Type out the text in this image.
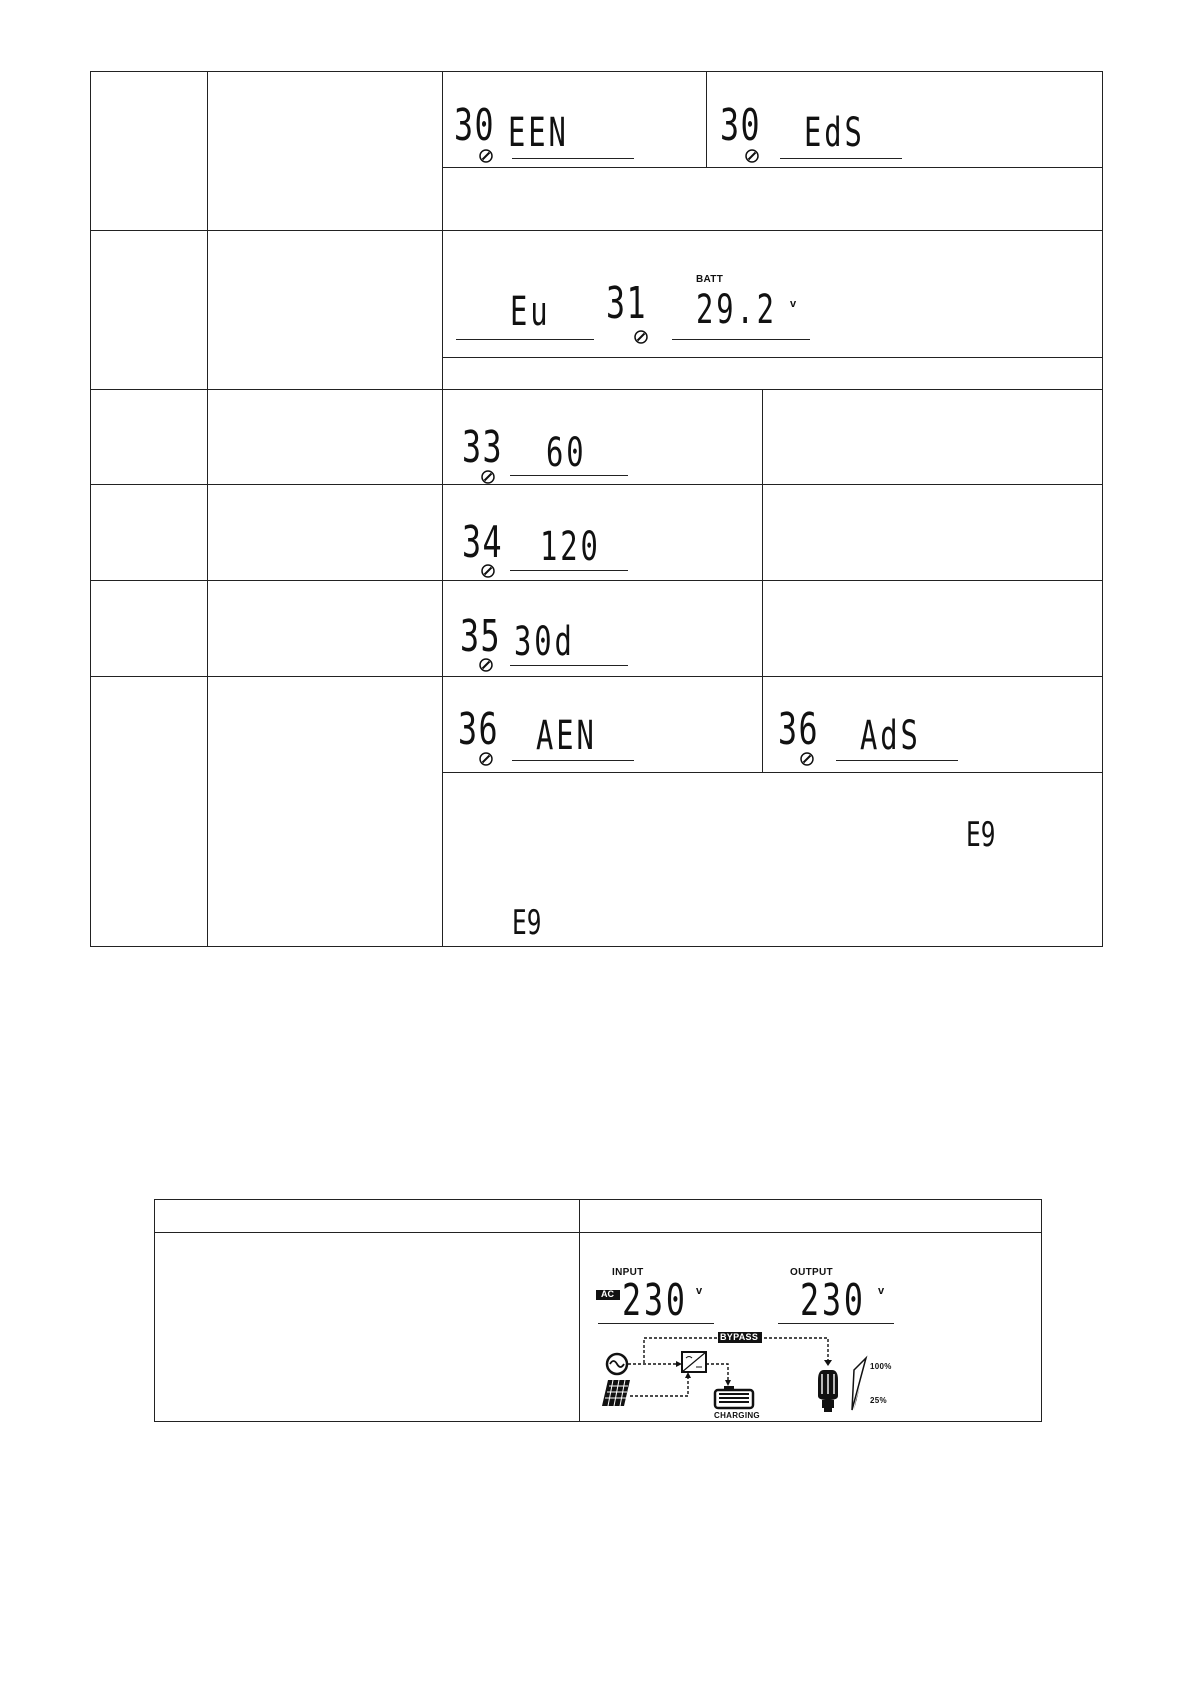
30 EEN	30 EdS
Eu 31	BATT
29.2 v
33 60
34 120
35 30d
36 AEN	36 AdS
E9
E9
INPUT
AC 230 v
OUTPUT
230 v
BYPASS
CHARGING
100%
25%
